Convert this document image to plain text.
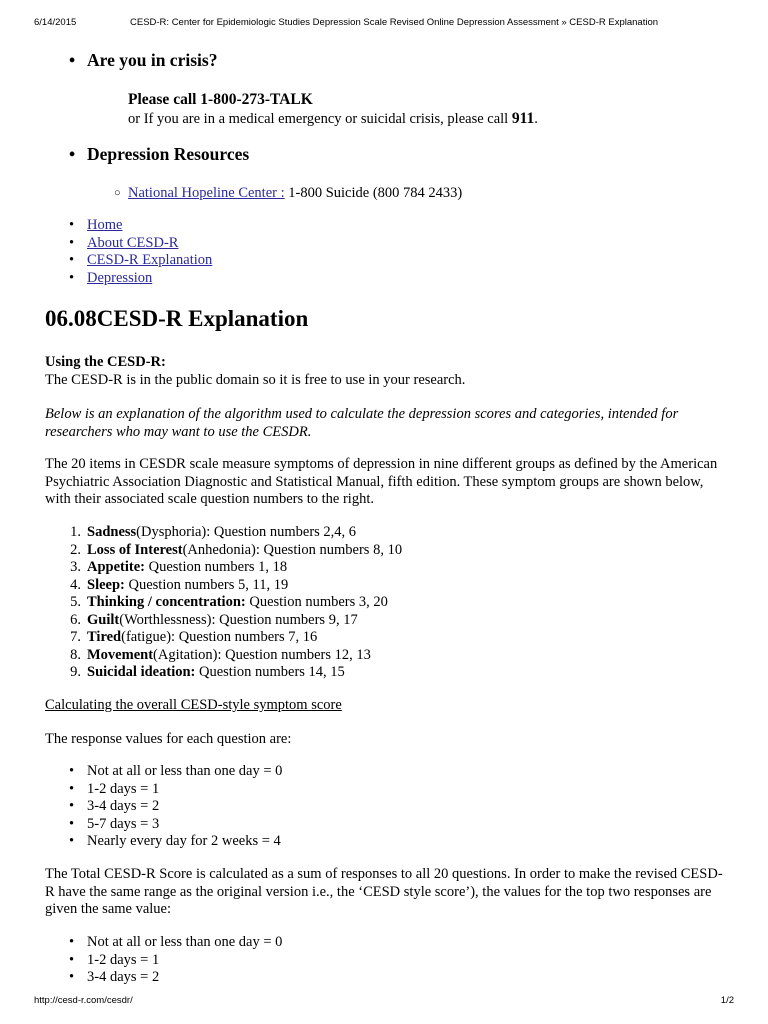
6/14/2015	CESD-R: Center for Epidemiologic Studies Depression Scale Revised Online Depression Assessment » CESD-R Explanation
• Are you in crisis?
Please call 1-800-273-TALK
or If you are in a medical emergency or suicidal crisis, please call 911.
• Depression Resources
○ National Hopeline Center : 1-800 Suicide (800 784 2433)
• Home
• About CESD-R
• CESD-R Explanation
• Depression
06.08CESD-R Explanation
Using the CESD-R:
The CESD-R is in the public domain so it is free to use in your research.
Below is an explanation of the algorithm used to calculate the depression scores and categories, intended for researchers who may want to use the CESDR.
The 20 items in CESDR scale measure symptoms of depression in nine different groups as defined by the American Psychiatric Association Diagnostic and Statistical Manual, fifth edition. These symptom groups are shown below, with their associated scale question numbers to the right.
1. Sadness(Dysphoria): Question numbers 2,4, 6
2. Loss of Interest(Anhedonia): Question numbers 8, 10
3. Appetite: Question numbers 1, 18
4. Sleep: Question numbers 5, 11, 19
5. Thinking / concentration: Question numbers 3, 20
6. Guilt(Worthlessness): Question numbers 9, 17
7. Tired(fatigue): Question numbers 7, 16
8. Movement(Agitation): Question numbers 12, 13
9. Suicidal ideation: Question numbers 14, 15
Calculating the overall CESD-style symptom score
The response values for each question are:
• Not at all or less than one day = 0
• 1-2 days = 1
• 3-4 days = 2
• 5-7 days = 3
• Nearly every day for 2 weeks = 4
The Total CESD-R Score is calculated as a sum of responses to all 20 questions. In order to make the revised CESD-R have the same range as the original version i.e., the ‘CESD style score’), the values for the top two responses are given the same value:
• Not at all or less than one day = 0
• 1-2 days = 1
• 3-4 days = 2
http://cesd-r.com/cesdr/	1/2
